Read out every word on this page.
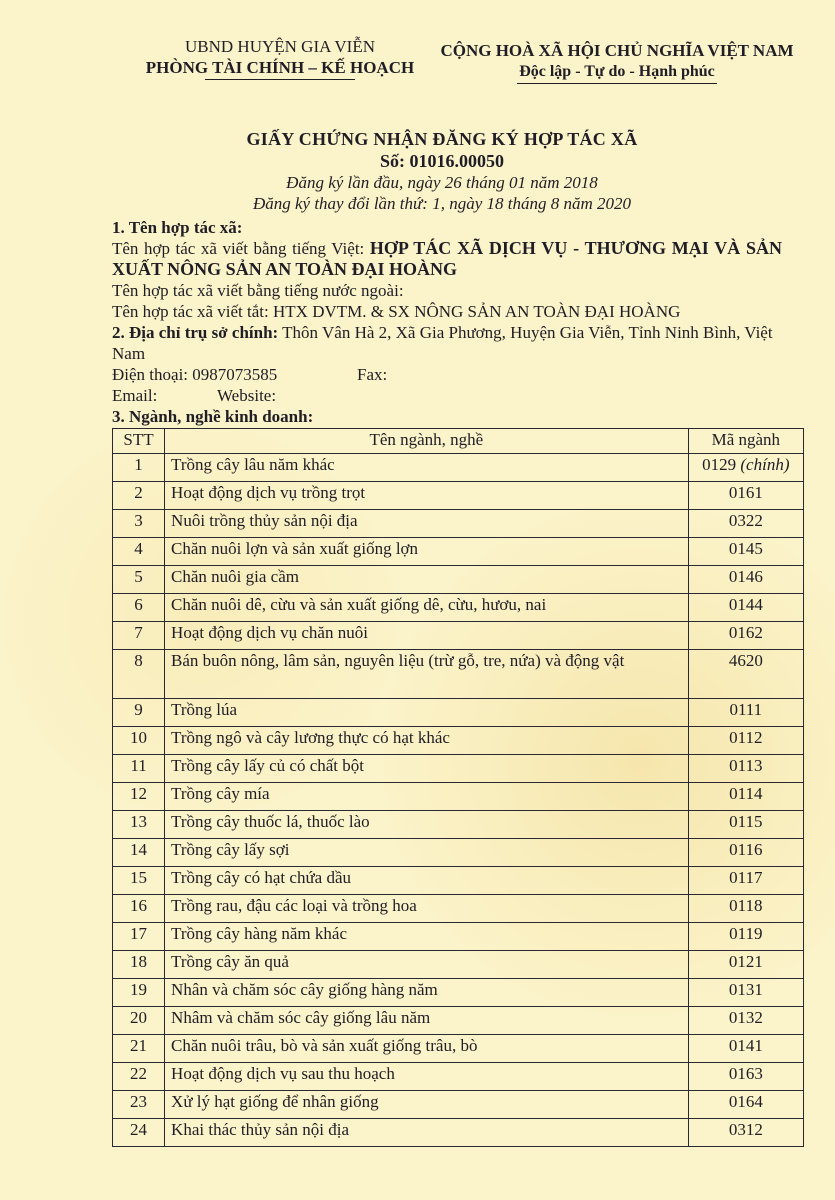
UBND HUYỆN GIA VIỄN
PHÒNG TÀI CHÍNH – KẾ HOẠCH
CỘNG HOÀ XÃ HỘI CHỦ NGHĨA VIỆT NAM
Độc lập - Tự do - Hạnh phúc
GIẤY CHỨNG NHẬN ĐĂNG KÝ HỢP TÁC XÃ
Số: 01016.00050
Đăng ký lần đầu, ngày 26 tháng 01 năm 2018
Đăng ký thay đổi lần thứ: 1, ngày 18 tháng 8 năm 2020

1. Tên hợp tác xã:

Tên hợp tác xã viết bằng tiếng Việt: HỢP TÁC XÃ DỊCH VỤ - THƯƠNG MẠI VÀ SẢN XUẤT NÔNG SẢN AN TOÀN ĐẠI HOÀNG

Tên hợp tác xã viết bằng tiếng nước ngoài:

Tên hợp tác xã viết tắt: HTX DVTM. & SX NÔNG SẢN AN TOÀN ĐẠI HOÀNG

2. Địa chỉ trụ sở chính: Thôn Vân Hà 2, Xã Gia Phương, Huyện Gia Viễn, Tỉnh Ninh Bình, Việt Nam

Điện thoại: 0987073585	Fax:
Email:	Website:

3. Ngành, nghề kinh doanh:

STT	Tên ngành, nghề	Mã ngành
1	Trồng cây lâu năm khác	0129 (chính)
2	Hoạt động dịch vụ trồng trọt	0161
3	Nuôi trồng thủy sản nội địa	0322
4	Chăn nuôi lợn và sản xuất giống lợn	0145
5	Chăn nuôi gia cầm	0146
6	Chăn nuôi dê, cừu và sản xuất giống dê, cừu, hươu, nai	0144
7	Hoạt động dịch vụ chăn nuôi	0162
8	Bán buôn nông, lâm sản, nguyên liệu (trừ gỗ, tre, nứa) và động vật	4620
9	Trồng lúa	0111
10	Trồng ngô và cây lương thực có hạt khác	0112
11	Trồng cây lấy củ có chất bột	0113
12	Trồng cây mía	0114
13	Trồng cây thuốc lá, thuốc lào	0115
14	Trồng cây lấy sợi	0116
15	Trồng cây có hạt chứa dầu	0117
16	Trồng rau, đậu các loại và trồng hoa	0118
17	Trồng cây hàng năm khác	0119
18	Trồng cây ăn quả	0121
19	Nhân và chăm sóc cây giống hàng năm	0131
20	Nhâm và chăm sóc cây giống lâu năm	0132
21	Chăn nuôi trâu, bò và sản xuất giống trâu, bò	0141
22	Hoạt động dịch vụ sau thu hoạch	0163
23	Xử lý hạt giống để nhân giống	0164
24	Khai thác thủy sản nội địa	0312
